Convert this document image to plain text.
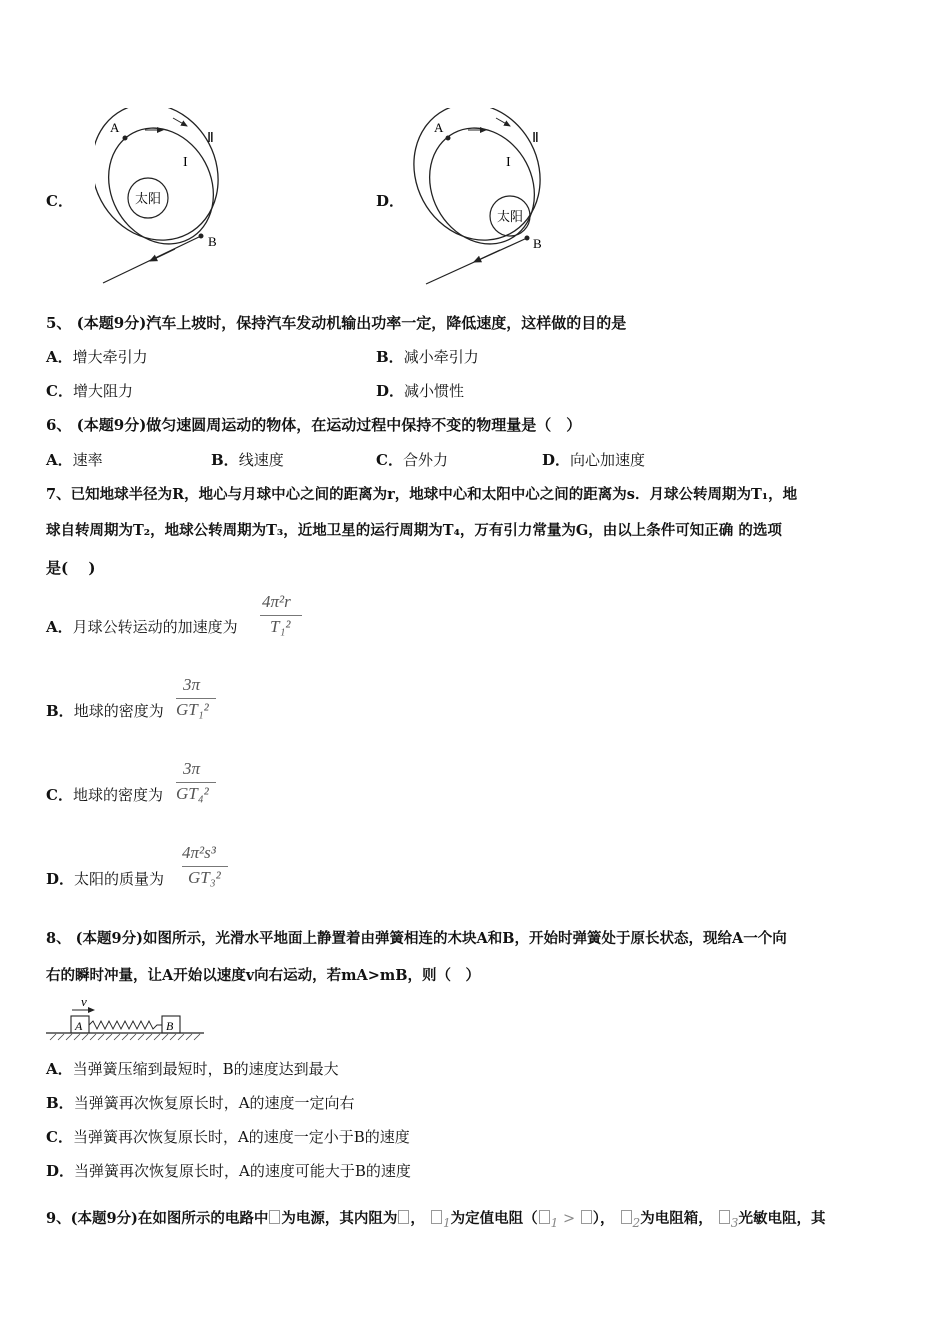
C．	太阳
A
B
I
Ⅱ
D．
太阳
A
B
I
Ⅱ
5、 (本题9分)汽车上坡时，保持汽车发动机输出功率一定，降低速度，这样做的目的是
A．增大牵引力	B．减小牵引力
C．增大阻力	D．减小惯性
6、 (本题9分)做匀速圆周运动的物体，在运动过程中保持不变的物理量是（　）
A．速率	B．线速度	C．合外力	D．向心加速度
7、已知地球半径为R，地心与月球中心之间的距离为r，地球中心和太阳中心之间的距离为s．月球公转周期为T₁，地
球自转周期为T₂，地球公转周期为T₃，近地卫星的运行周期为T₄，万有引力常量为G，由以上条件可知正确 的选项
是(　 )
A．月球公转运动的加速度为
4π²r
T₁²
B．地球的密度为
3π
GT₁²
C．地球的密度为
3π
GT₄²
D．太阳的质量为
4π²s³
GT₃²
8、 (本题9分)如图所示，光滑水平地面上静置着由弹簧相连的木块A和B，开始时弹簧处于原长状态，现给A一个向
右的瞬时冲量，让A开始以速度v向右运动，若mA>mB，则（　）
v
A	B
A．当弹簧压缩到最短时，B的速度达到最大
B．当弹簧再次恢复原长时，A的速度一定向右
C．当弹簧再次恢复原长时，A的速度一定小于B的速度
D．当弹簧再次恢复原长时，A的速度可能大于B的速度
9、(本题9分)在如图所示的电路中 为电源，其内阻为 ， $_1$为定值电阻（ $_1$ > ）， $_2$为电阻箱， $_3$光敏电阻，其
